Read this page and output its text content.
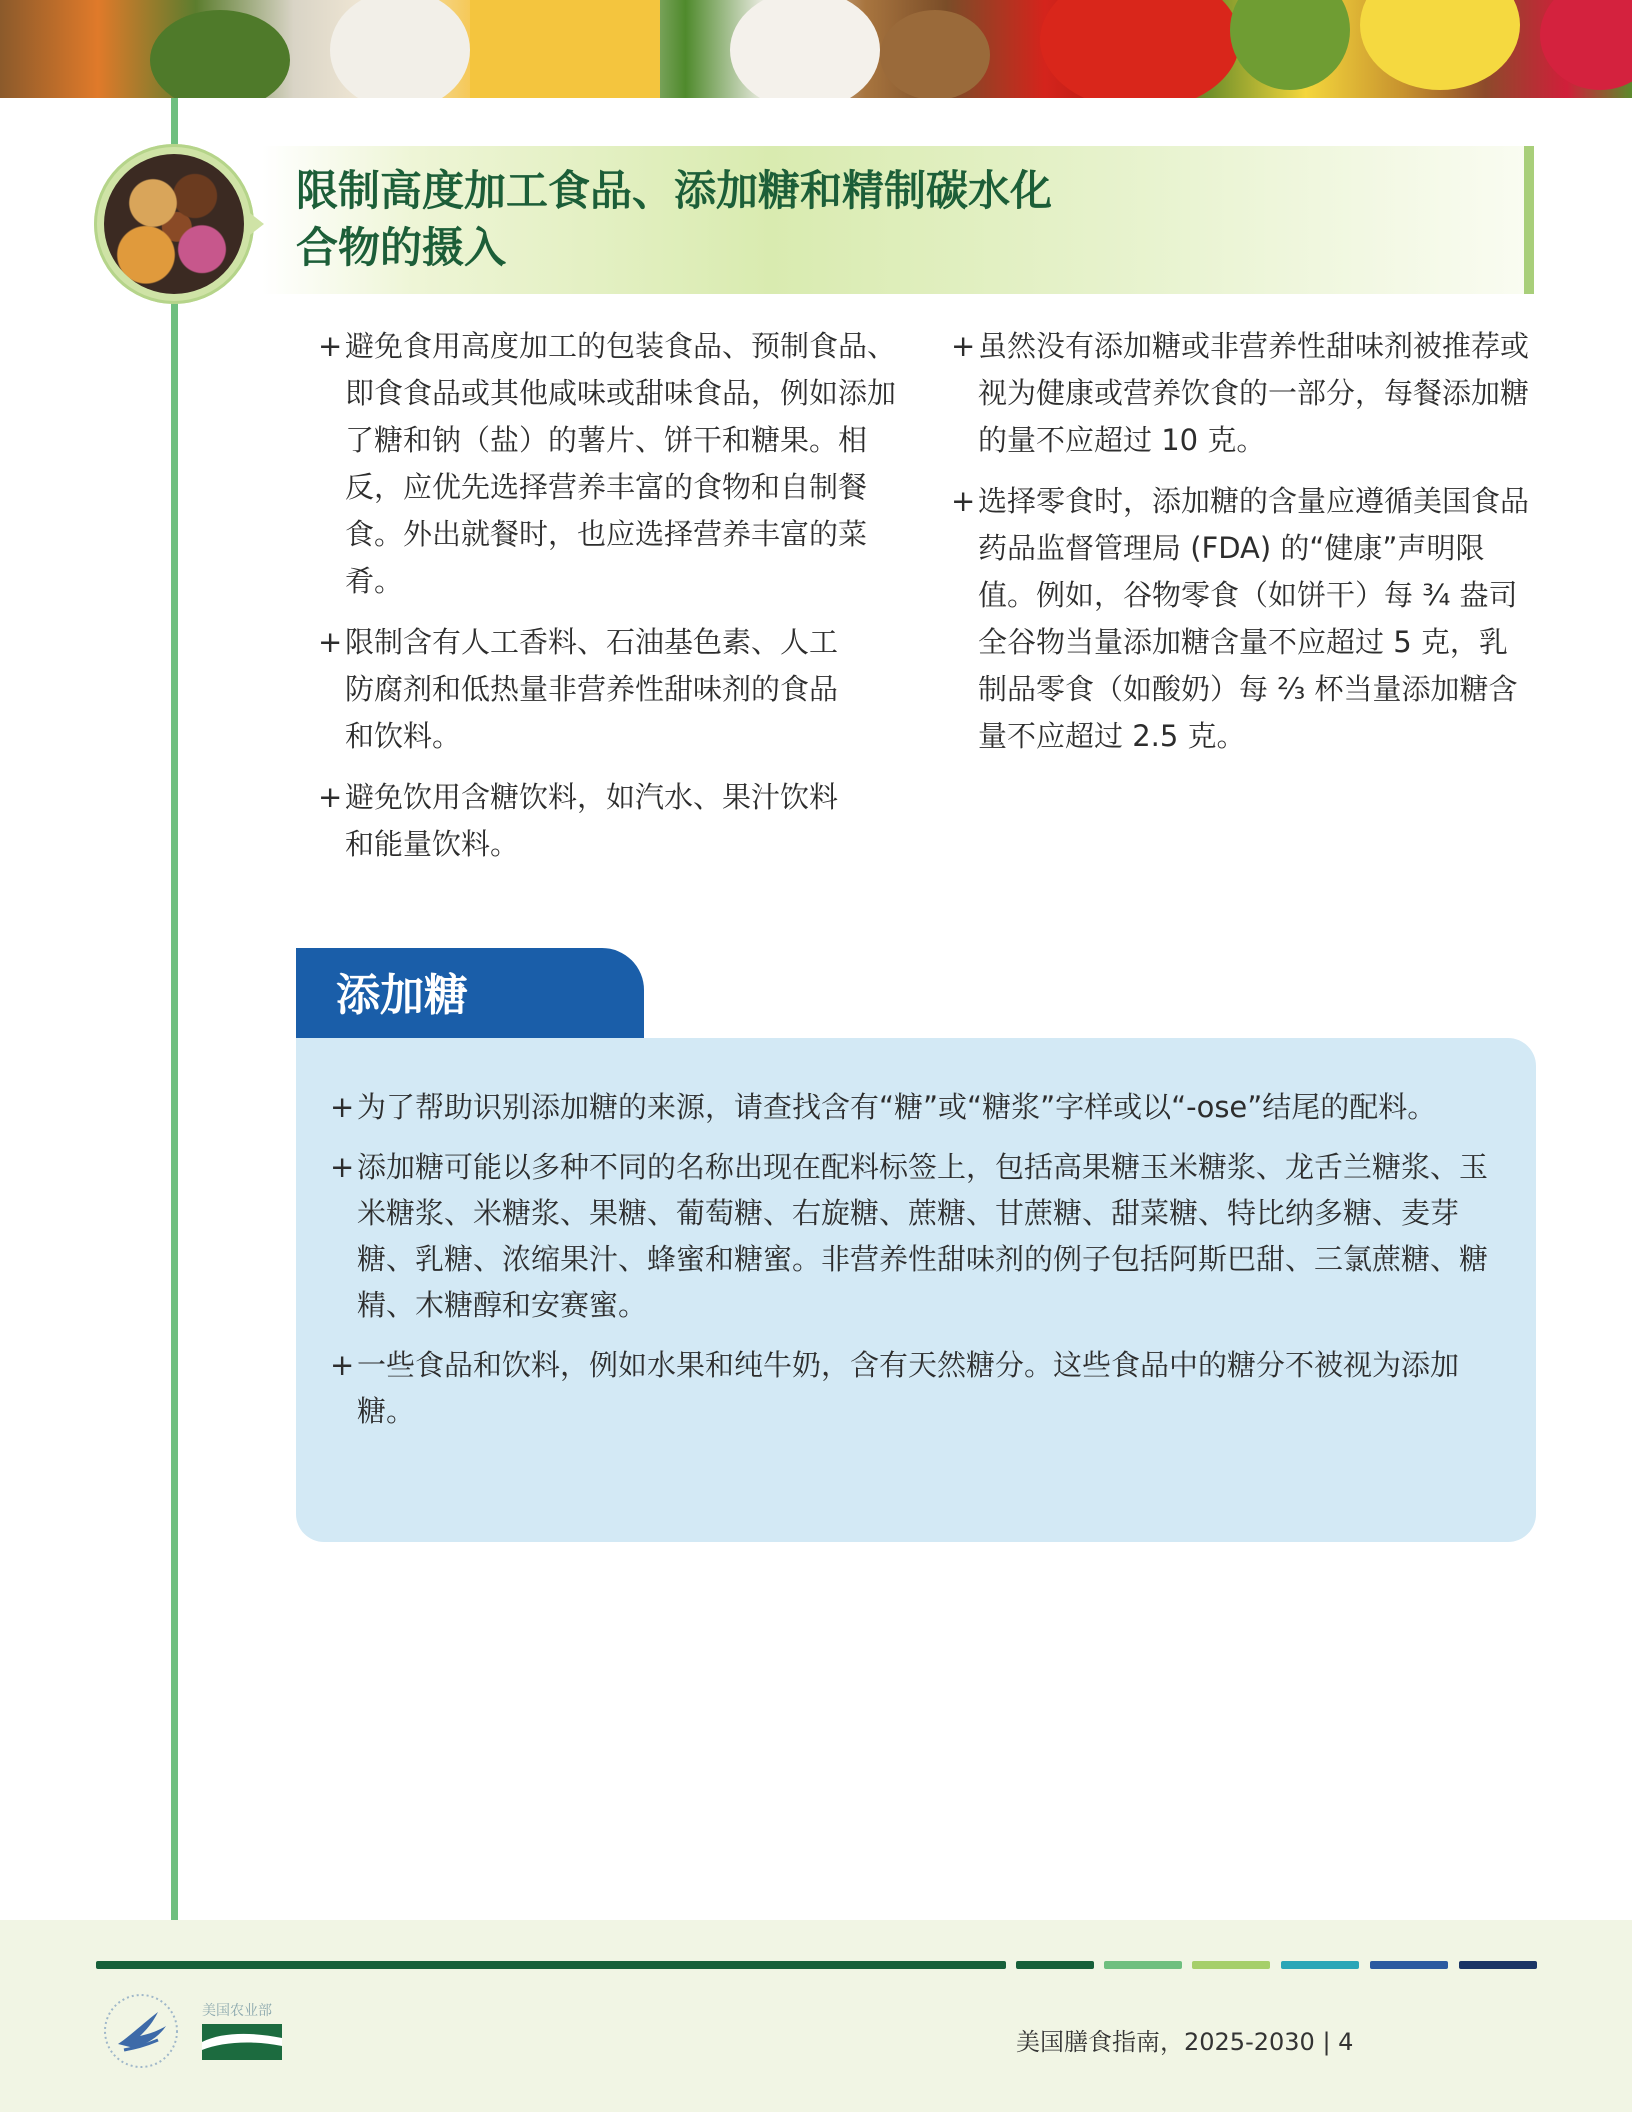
限制高度加工食品、添加糖和精制碳水化
合物的摄入
+ 避免食用高度加工的包装食品、预制食品、即食食品或其他咸味或甜味食品，例如添加了糖和钠（盐）的薯片、饼干和糖果。相反，应优先选择营养丰富的食物和自制餐食。外出就餐时，也应选择营养丰富的菜肴。
+ 限制含有人工香料、石油基色素、人工防腐剂和低热量非营养性甜味剂的食品和饮料。
+ 避免饮用含糖饮料，如汽水、果汁饮料和能量饮料。
+ 虽然没有添加糖或非营养性甜味剂被推荐或视为健康或营养饮食的一部分，每餐添加糖的量不应超过 10 克。
+ 选择零食时，添加糖的含量应遵循美国食品药品监督管理局 (FDA) 的“健康”声明限值。例如，谷物零食（如饼干）每 ¾ 盎司全谷物当量添加糖含量不应超过 5 克，乳制品零食（如酸奶）每 ⅔ 杯当量添加糖含量不应超过 2.5 克。
添加糖
+ 为了帮助识别添加糖的来源，请查找含有“糖”或“糖浆”字样或以“-ose”结尾的配料。
+ 添加糖可能以多种不同的名称出现在配料标签上，包括高果糖玉米糖浆、龙舌兰糖浆、玉米糖浆、米糖浆、果糖、葡萄糖、右旋糖、蔗糖、甘蔗糖、甜菜糖、特比纳多糖、麦芽糖、乳糖、浓缩果汁、蜂蜜和糖蜜。非营养性甜味剂的例子包括阿斯巴甜、三氯蔗糖、糖精、木糖醇和安赛蜜。
+ 一些食品和饮料，例如水果和纯牛奶，含有天然糖分。这些食品中的糖分不被视为添加糖。
美国农业部
美国膳食指南，2025-2030 | 4
